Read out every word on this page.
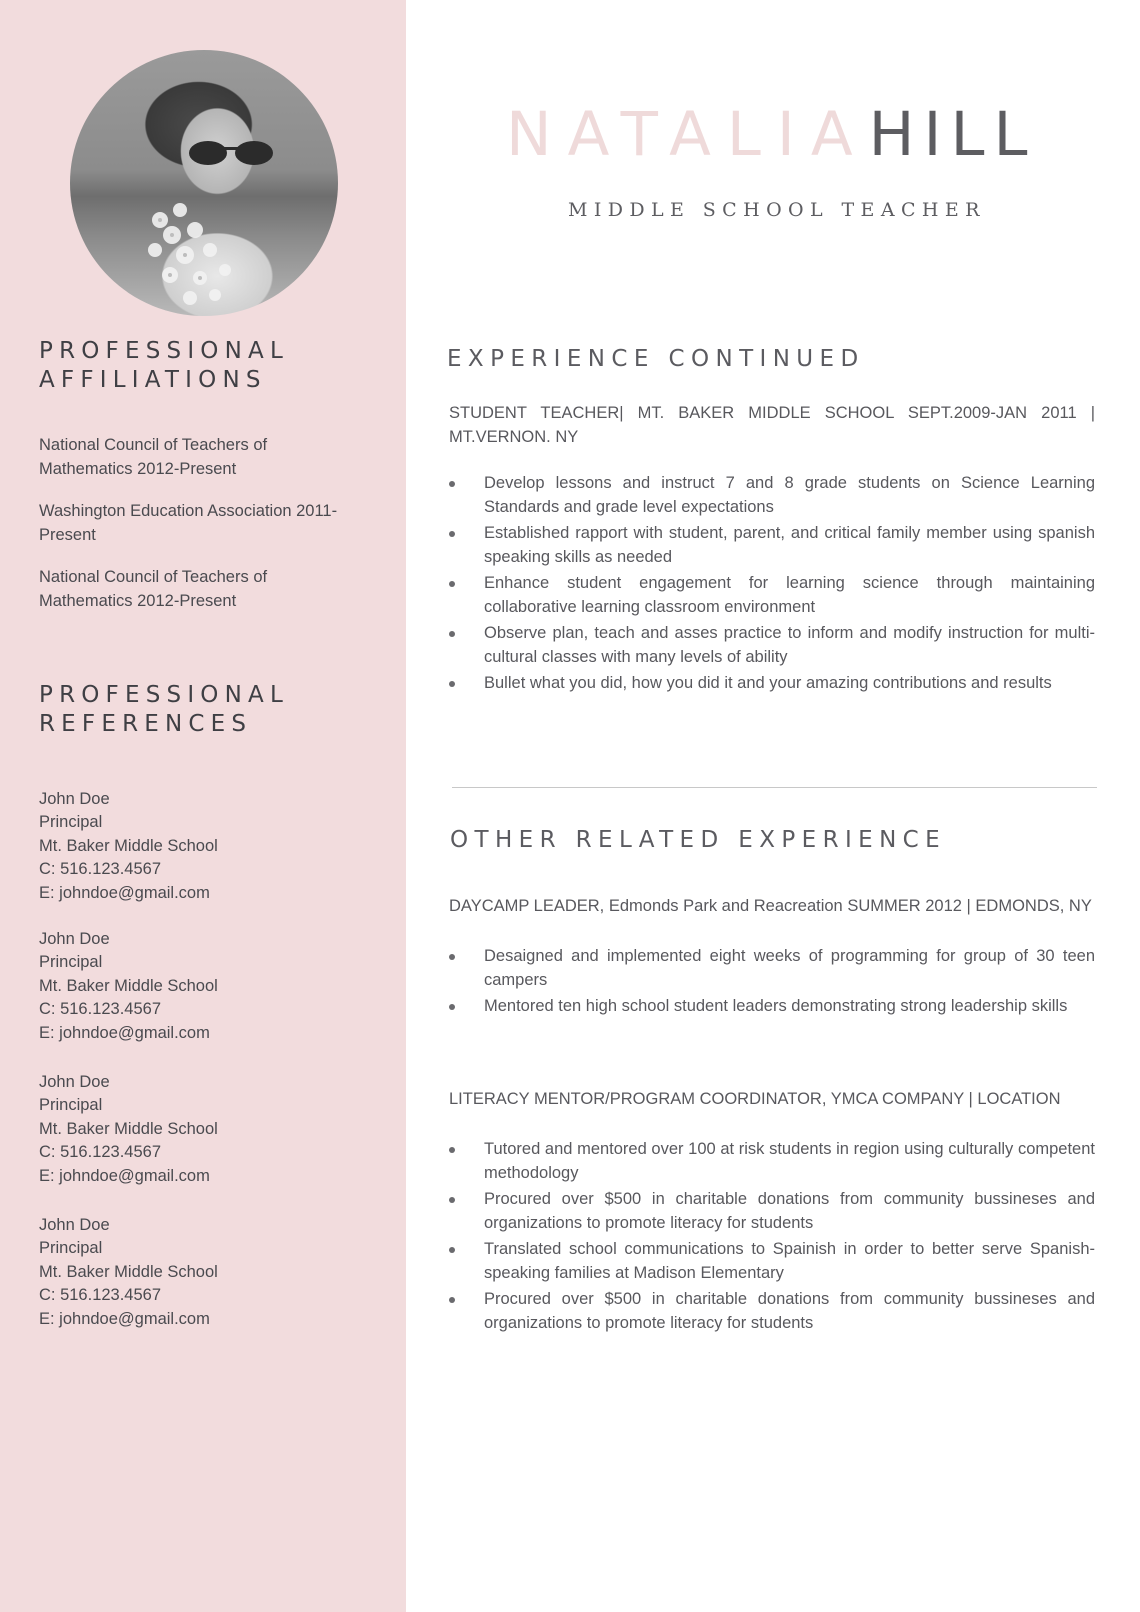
PROFESSIONAL
AFFILIATIONS
National Council of Teachers of Mathematics 2012-Present
Washington Education Association 2011-Present
National Council of Teachers of Mathematics 2012-Present
PROFESSIONAL
REFERENCES
John Doe
Principal
Mt. Baker Middle School
C: 516.123.4567
E: johndoe@gmail.com
John Doe
Principal
Mt. Baker Middle School
C: 516.123.4567
E: johndoe@gmail.com
John Doe
Principal
Mt. Baker Middle School
C: 516.123.4567
E: johndoe@gmail.com
John Doe
Principal
Mt. Baker Middle School
C: 516.123.4567
E: johndoe@gmail.com
NATALIAHILL
MIDDLE SCHOOL TEACHER
EXPERIENCE CONTINUED
STUDENT TEACHER| MT. BAKER MIDDLE SCHOOL SEPT.2009-JAN 2011 | MT.VERNON. NY
Develop lessons and instruct 7 and 8 grade students on Science Learning Standards and grade level expectations
Established rapport with student, parent, and critical family member using spanish speaking skills as needed
Enhance student engagement for learning science through maintaining collaborative learning classroom environment
Observe plan, teach and asses practice to inform and modify instruction for multi-cultural classes with many levels of ability
Bullet what you did, how you did it and your amazing contributions and results
OTHER RELATED EXPERIENCE
DAYCAMP LEADER, Edmonds Park and Reacreation SUMMER 2012 | EDMONDS, NY
Desaigned and implemented eight weeks of programming for group of 30 teen campers
Mentored ten high school student leaders demonstrating strong leadership skills
LITERACY MENTOR/PROGRAM COORDINATOR, YMCA COMPANY | LOCATION
Tutored and mentored over 100 at risk students in region using culturally competent methodology
Procured over $500 in charitable donations from community bussineses and organizations to promote literacy for students
Translated school communications to Spainish in order to better serve Spanish-speaking families at Madison Elementary
Procured over $500 in charitable donations from community bussineses and organizations to promote literacy for students
